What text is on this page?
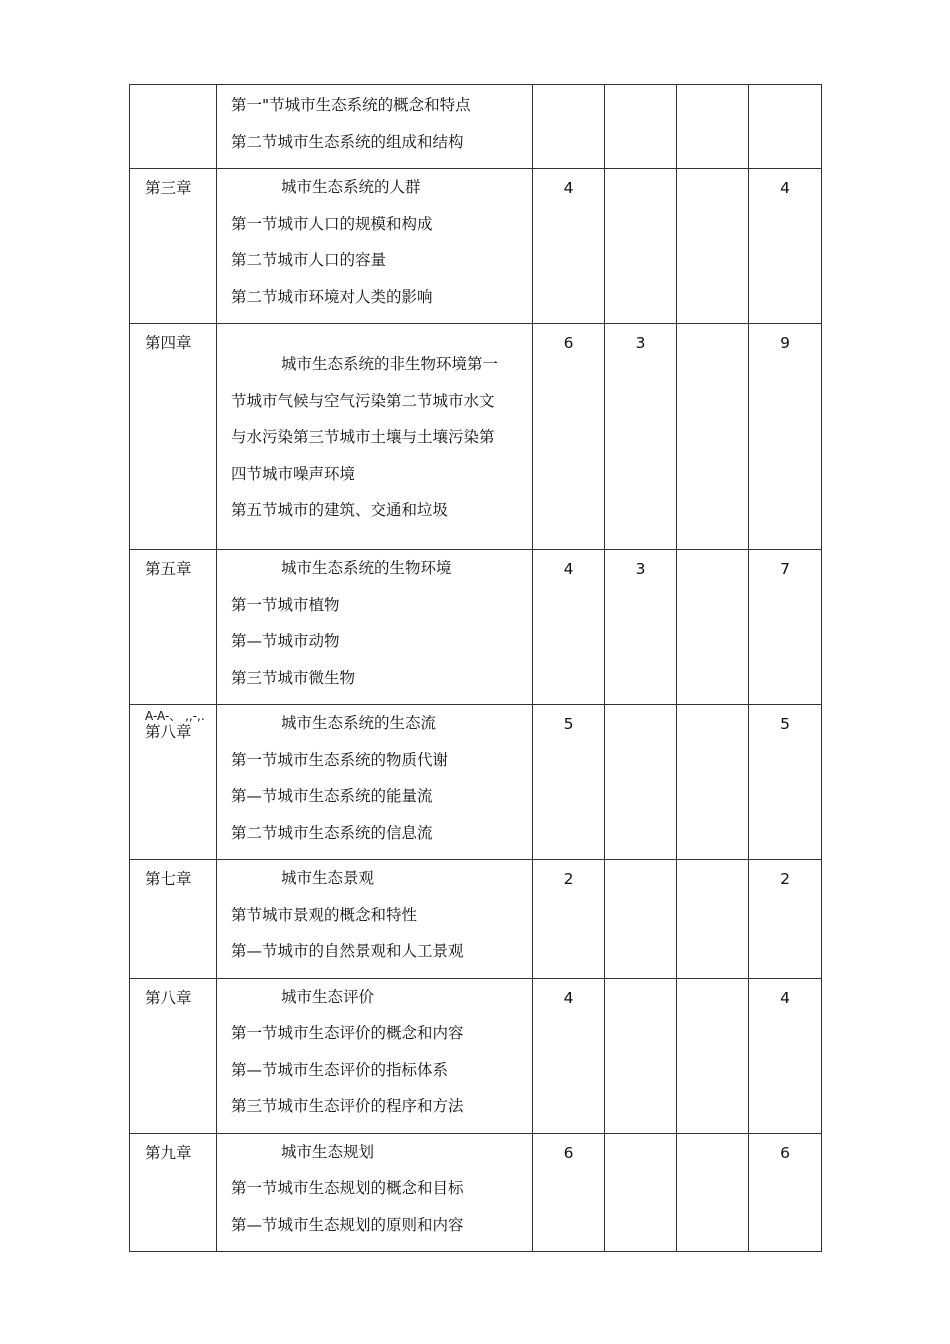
	第一"节城市生态系统的概念和特点
第二节城市生态系统的组成和结构				

第三章	城市生态系统的人群
第一节城市人口的规模和构成
第二节城市人口的容量
第二节城市环境对人类的影响	4			4

第四章	城市生态系统的非生物环境第一
节城市气候与空气污染第二节城市水文
与水污染第三节城市土壤与土壤污染第
四节城市噪声环境
第五节城市的建筑、交通和垃圾	6	3		9

第五章	城市生态系统的生物环境
第一节城市植物
第—节城市动物
第三节城市微生物	4	3		7

A-A-、 ,,-,.
第八章	城市生态系统的生态流
第一节城市生态系统的物质代谢
第—节城市生态系统的能量流
第二节城市生态系统的信息流	5			5

第七章	城市生态景观
第节城市景观的概念和特性
第—节城市的自然景观和人工景观	2			2

第八章	城市生态评价
第一节城市生态评价的概念和内容
第—节城市生态评价的指标体系
第三节城市生态评价的程序和方法	4			4

第九章	城市生态规划
第一节城市生态规划的概念和目标
第—节城市生态规划的原则和内容	6			6
